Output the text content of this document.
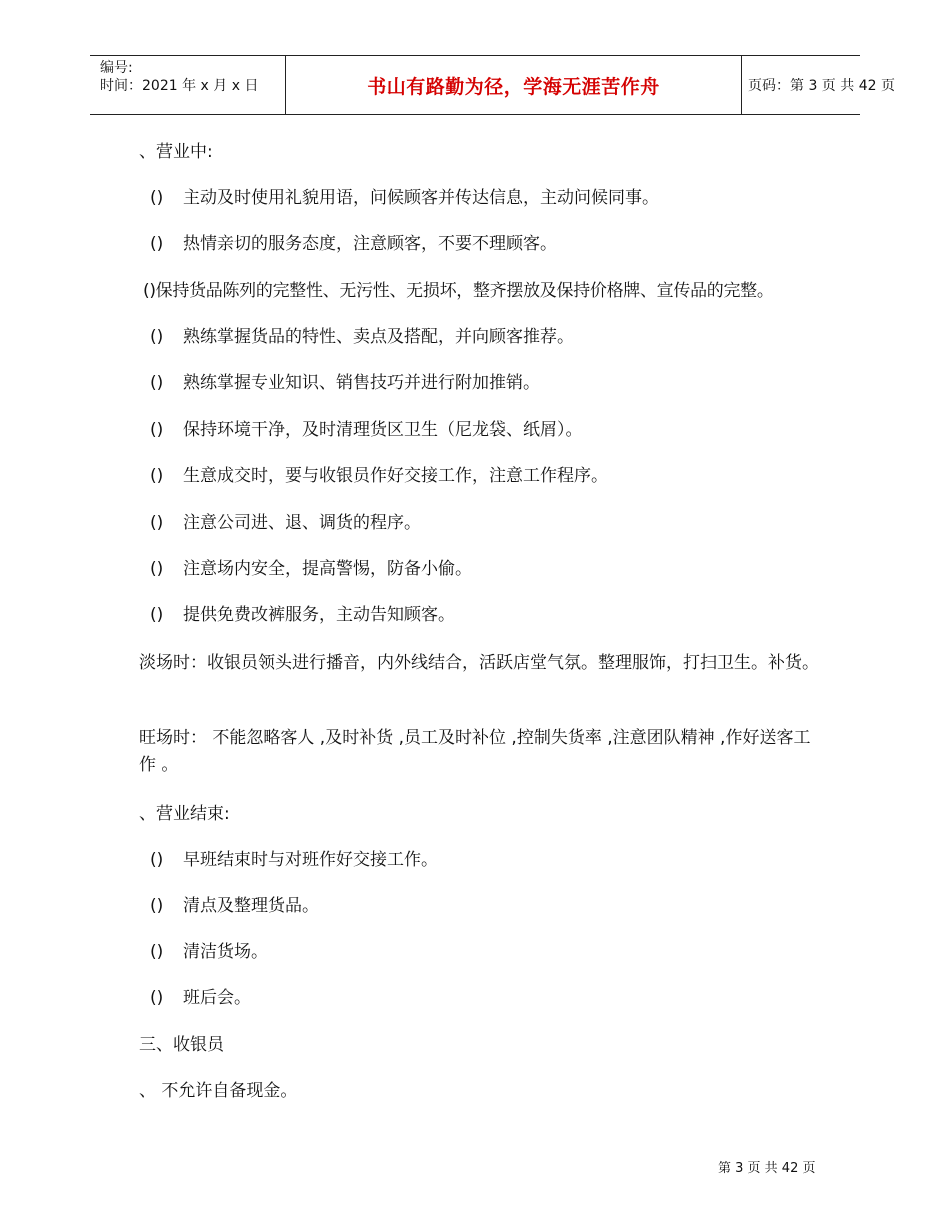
编号:
时间：2021 年 x 月 x 日	书山有路勤为径，学海无涯苦作舟	页码：第 3 页 共 42 页
、营业中:
() 主动及时使用礼貌用语，问候顾客并传达信息，主动问候同事。
() 热情亲切的服务态度，注意顾客，不要不理顾客。
()保持货品陈列的完整性、无污性、无损坏，整齐摆放及保持价格牌、宣传品的完整。
() 熟练掌握货品的特性、卖点及搭配，并向顾客推荐。
() 熟练掌握专业知识、销售技巧并进行附加推销。
() 保持环境干净，及时清理货区卫生（尼龙袋、纸屑）。
() 生意成交时，要与收银员作好交接工作，注意工作程序。
() 注意公司进、退、调货的程序。
() 注意场内安全，提高警惕，防备小偷。
() 提供免费改裤服务，主动告知顾客。
淡场时：收银员领头进行播音，内外线结合，活跃店堂气氛。整理服饰，打扫卫生。补货。
旺场时： 不能忽略客人 ,及时补货 ,员工及时补位 ,控制失货率 ,注意团队精神 ,作好送客工作 。
、营业结束:
() 早班结束时与对班作好交接工作。
() 清点及整理货品。
() 清洁货场。
() 班后会。
三、收银员
、 不允许自备现金。
第 3 页 共 42 页
